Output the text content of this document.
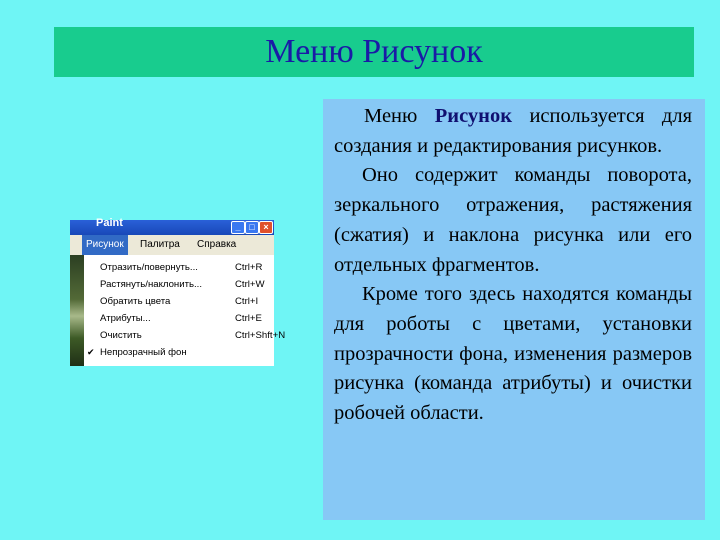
Меню Рисунок
Paint	_ □ ×
Рисунок	Палитра Справка
Отразить/повернуть...	Ctrl+R
Растянуть/наклонить...	Ctrl+W
Обратить цвета	Ctrl+I
Атрибуты...	Ctrl+E
Очистить	Ctrl+Shft+N
✔ Непрозрачный фон

Меню Рисунок используется для создания и редактирования рисунков.

Оно содержит команды поворота, зеркального отражения, растяжения (сжатия) и наклона рисунка или его отдельных фрагментов.

Кроме того здесь находятся команды для роботы с цветами, установки прозрачности фона, изменения размеров рисунка (команда атрибуты) и очистки робочей области.
